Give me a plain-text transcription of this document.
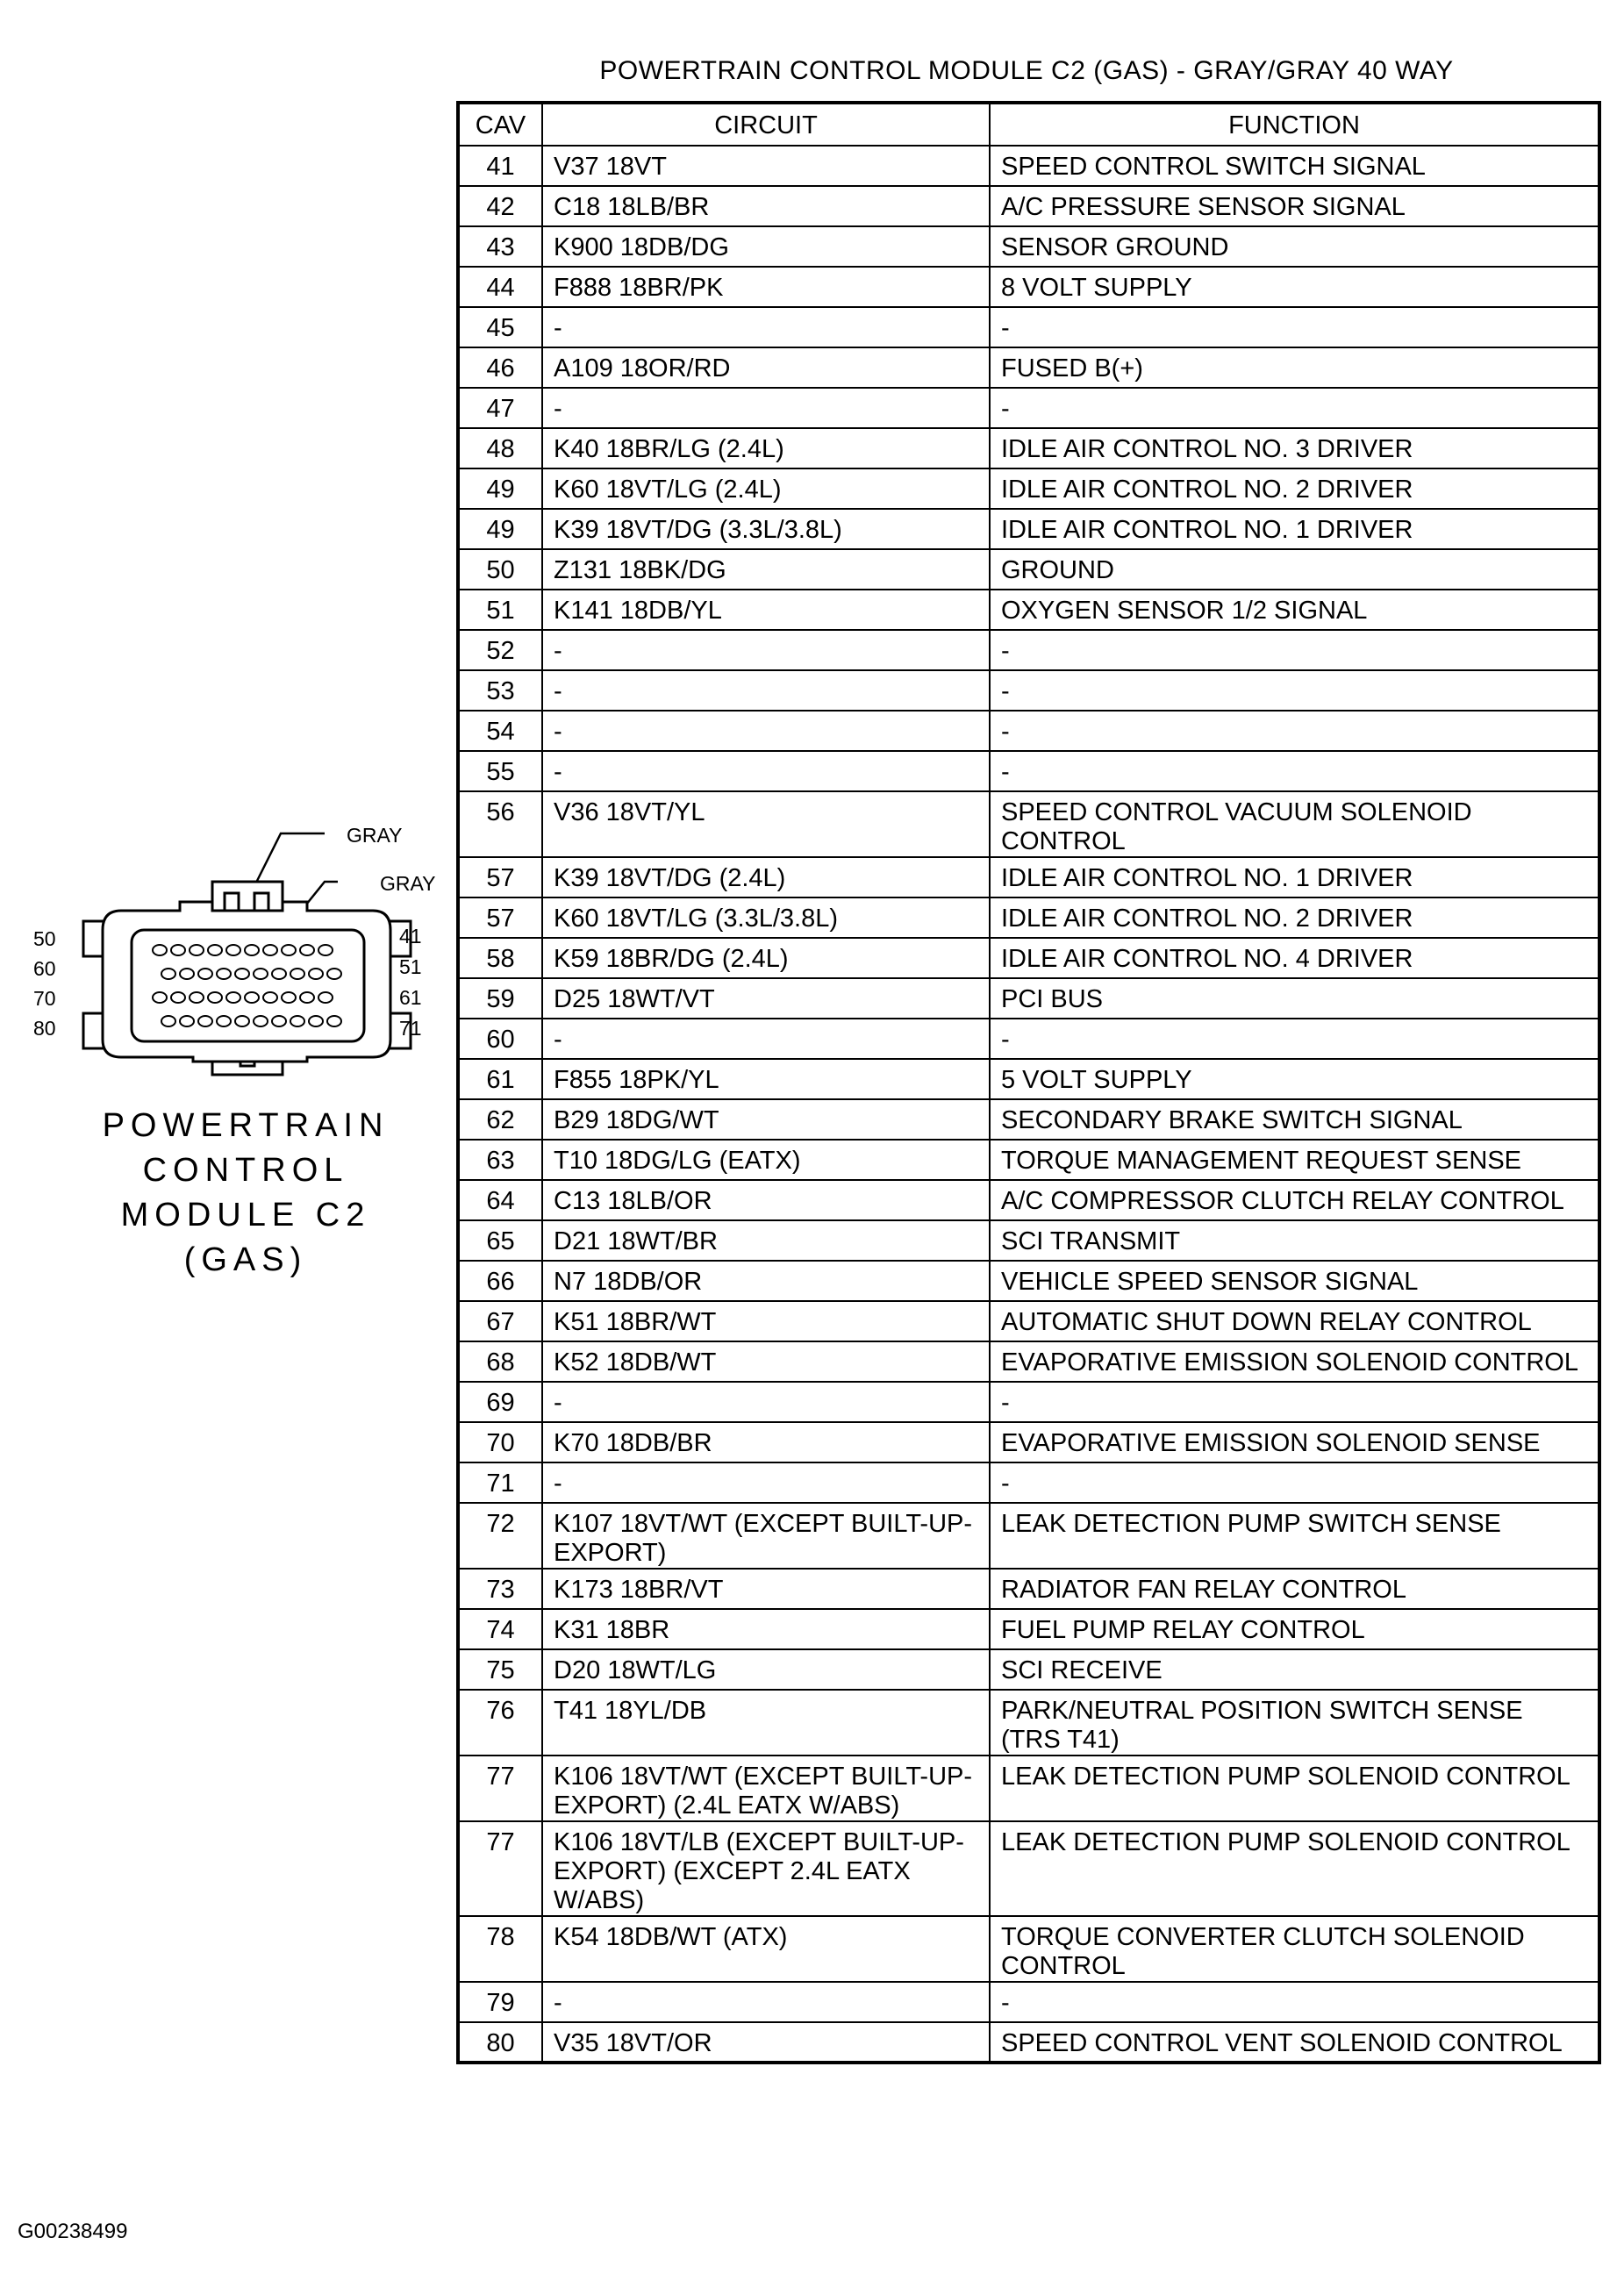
POWERTRAIN CONTROL MODULE C2 (GAS) - GRAY/GRAY 40 WAY
CAV	CIRCUIT	FUNCTION
41	V37 18VT	SPEED CONTROL SWITCH SIGNAL
42	C18 18LB/BR	A/C PRESSURE SENSOR SIGNAL
43	K900 18DB/DG	SENSOR GROUND
44	F888 18BR/PK	8 VOLT SUPPLY
45	-	-
46	A109 18OR/RD	FUSED B(+)
47	-	-
48	K40 18BR/LG (2.4L)	IDLE AIR CONTROL NO. 3 DRIVER
49	K60 18VT/LG (2.4L)	IDLE AIR CONTROL NO. 2 DRIVER
49	K39 18VT/DG (3.3L/3.8L)	IDLE AIR CONTROL NO. 1 DRIVER
50	Z131 18BK/DG	GROUND
51	K141 18DB/YL	OXYGEN SENSOR 1/2 SIGNAL
52	-	-
53	-	-
54	-	-
55	-	-
56	V36 18VT/YL	SPEED CONTROL VACUUM SOLENOID CONTROL
57	K39 18VT/DG (2.4L)	IDLE AIR CONTROL NO. 1 DRIVER
57	K60 18VT/LG (3.3L/3.8L)	IDLE AIR CONTROL NO. 2 DRIVER
58	K59 18BR/DG (2.4L)	IDLE AIR CONTROL NO. 4 DRIVER
59	D25 18WT/VT	PCI BUS
60	-	-
61	F855 18PK/YL	5 VOLT SUPPLY
62	B29 18DG/WT	SECONDARY BRAKE SWITCH SIGNAL
63	T10 18DG/LG (EATX)	TORQUE MANAGEMENT REQUEST SENSE
64	C13 18LB/OR	A/C COMPRESSOR CLUTCH RELAY CONTROL
65	D21 18WT/BR	SCI TRANSMIT
66	N7 18DB/OR	VEHICLE SPEED SENSOR SIGNAL
67	K51 18BR/WT	AUTOMATIC SHUT DOWN RELAY CONTROL
68	K52 18DB/WT	EVAPORATIVE EMISSION SOLENOID CONTROL
69	-	-
70	K70 18DB/BR	EVAPORATIVE EMISSION SOLENOID SENSE
71	-	-
72	K107 18VT/WT (EXCEPT BUILT-UP-EXPORT)	LEAK DETECTION PUMP SWITCH SENSE
73	K173 18BR/VT	RADIATOR FAN RELAY CONTROL
74	K31 18BR	FUEL PUMP RELAY CONTROL
75	D20 18WT/LG	SCI RECEIVE
76	T41 18YL/DB	PARK/NEUTRAL POSITION SWITCH SENSE (TRS T41)
77	K106 18VT/WT (EXCEPT BUILT-UP-EXPORT) (2.4L EATX W/ABS)	LEAK DETECTION PUMP SOLENOID CONTROL
77	K106 18VT/LB (EXCEPT BUILT-UP-EXPORT) (EXCEPT 2.4L EATX W/ABS)	LEAK DETECTION PUMP SOLENOID CONTROL
78	K54 18DB/WT (ATX)	TORQUE CONVERTER CLUTCH SOLENOID CONTROL
79	-	-
80	V35 18VT/OR	SPEED CONTROL VENT SOLENOID CONTROL
GRAY
GRAY
50
60
70
80
41
51
61
71
POWERTRAIN
CONTROL
MODULE C2
(GAS)
G00238499
